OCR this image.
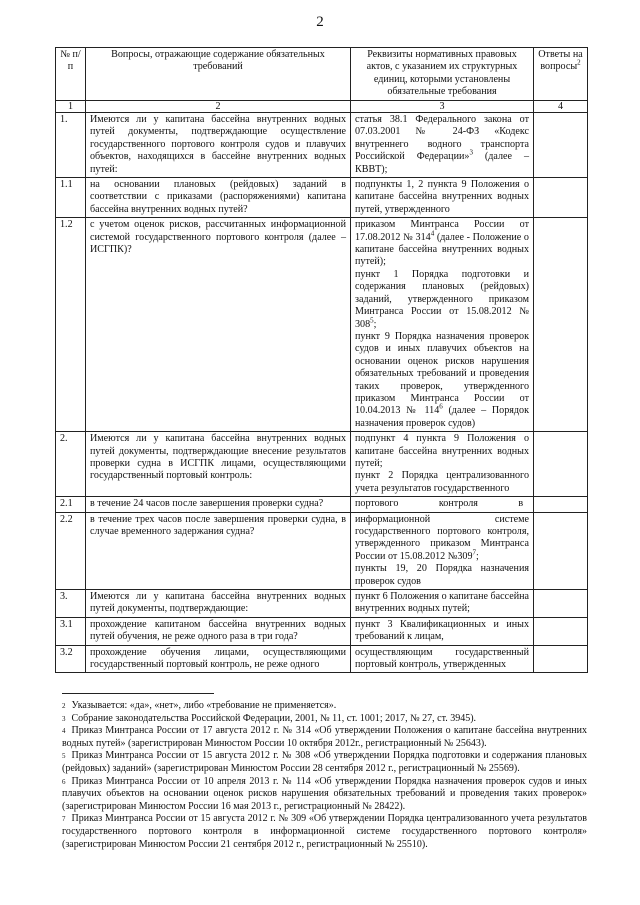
2
№ п/п	Вопросы, отражающие содержание обязательных требований	Реквизиты нормативных правовых актов, с указанием их структурных единиц, которыми установлены обязательные требования	Ответы на вопросы$^2$
1	2	3	4
1.	Имеются ли у капитана бассейна внутренних водных путей документы, подтверждающие осуществление государственного портового контроля судов и плавучих объектов, находящихся в бассейне внутренних водных путей:	статья 38.1 Федерального закона от 07.03.2001 № 24-ФЗ «Кодекс внутреннего водного транспорта Российской Федерации»$^3$ (далее – КВВТ);	
1.1	на основании плановых (рейдовых) заданий в соответствии с приказами (распоряжениями) капитана бассейна внутренних водных путей?	подпункты 1, 2 пункта 9 Положения о капитане бассейна внутренних водных путей, утвержденного	
1.2	с учетом оценок рисков, рассчитанных информационной системой государственного портового контроля (далее – ИСГПК)?	приказом Минтранса России от 17.08.2012 № $314^4$ (далее - Положение о капитане бассейна внутренних водных путей);
пункт 1 Порядка подготовки и содержания плановых (рейдовых) заданий, утвержденного приказом Минтранса России от 15.08.2012 № $308^5$;
пункт 9 Порядка назначения проверок судов и иных плавучих объектов на основании оценок рисков нарушения обязательных требований и проведения таких проверок, утвержденного приказом Минтранса России от 10.04.2013 № $114^6$ (далее – Порядок назначения проверок судов)	

2.	Имеются ли у капитана бассейна внутренних водных путей документы, подтверждающие внесение результатов проверки судна в ИСГПК лицами, осуществляющими государственный портовый контроль:	подпункт 4 пункта 9 Положения о капитане бассейна внутренних водных путей;
пункт 2 Порядка централизованного учета результатов государственного	

2.1	в течение 24 часов после завершения проверки судна?	портового контроля в	
2.2	в течение трех часов после завершения проверки судна, в случае временного задержания судна?	информационной системе государственного портового контроля, утвержденного приказом Минтранса России от 15.08.2012 $№309^7$;
пункты 19, 20 Порядка назначения проверок судов	

3.	Имеются ли у капитана бассейна внутренних водных путей документы, подтверждающие:	пункт 6 Положения о капитане бассейна внутренних водных путей;	
3.1	прохождение капитаном бассейна внутренних водных путей обучения, не реже одного раза в три года?	пункт 3 Квалификационных и иных требований к лицам,	
3.2	прохождение обучения лицами, осуществляющими государственный портовый контроль, не реже одного	осуществляющим государственный портовый контроль, утвержденных	

$^2$ Указывается: «да», «нет», либо «требование не применяется».

$^3$ Собрание законодательства Российской Федерации, 2001, № 11, ст. 1001; 2017, № 27, ст. 3945).

$^4$ Приказ Минтранса России от 17 августа 2012 г. № 314 «Об утверждении Положения о капитане бассейна внутренних водных путей» (зарегистрирован Минюстом России 10 октября 2012г., регистрационный № 25643).

$^5$ Приказ Минтранса России от 15 августа 2012 г. № 308 «Об утверждении Порядка подготовки и содержания плановых (рейдовых) заданий» (зарегистрирован Минюстом России 28 сентября 2012 г., регистрационный № 25569).

$^6$ Приказ Минтранса России от 10 апреля 2013 г. № 114 «Об утверждении Порядка назначения проверок судов и иных плавучих объектов на основании оценок рисков нарушения обязательных требований и проведения таких проверок» (зарегистрирован Минюстом России 16 мая 2013 г., регистрационный № 28422).

$^7$ Приказ Минтранса России от 15 августа 2012 г. № 309 «Об утверждении Порядка централизованного учета результатов государственного портового контроля в информационной системе государственного портового контроля» (зарегистрирован Минюстом России 21 сентября 2012 г., регистрационный № 25510).
